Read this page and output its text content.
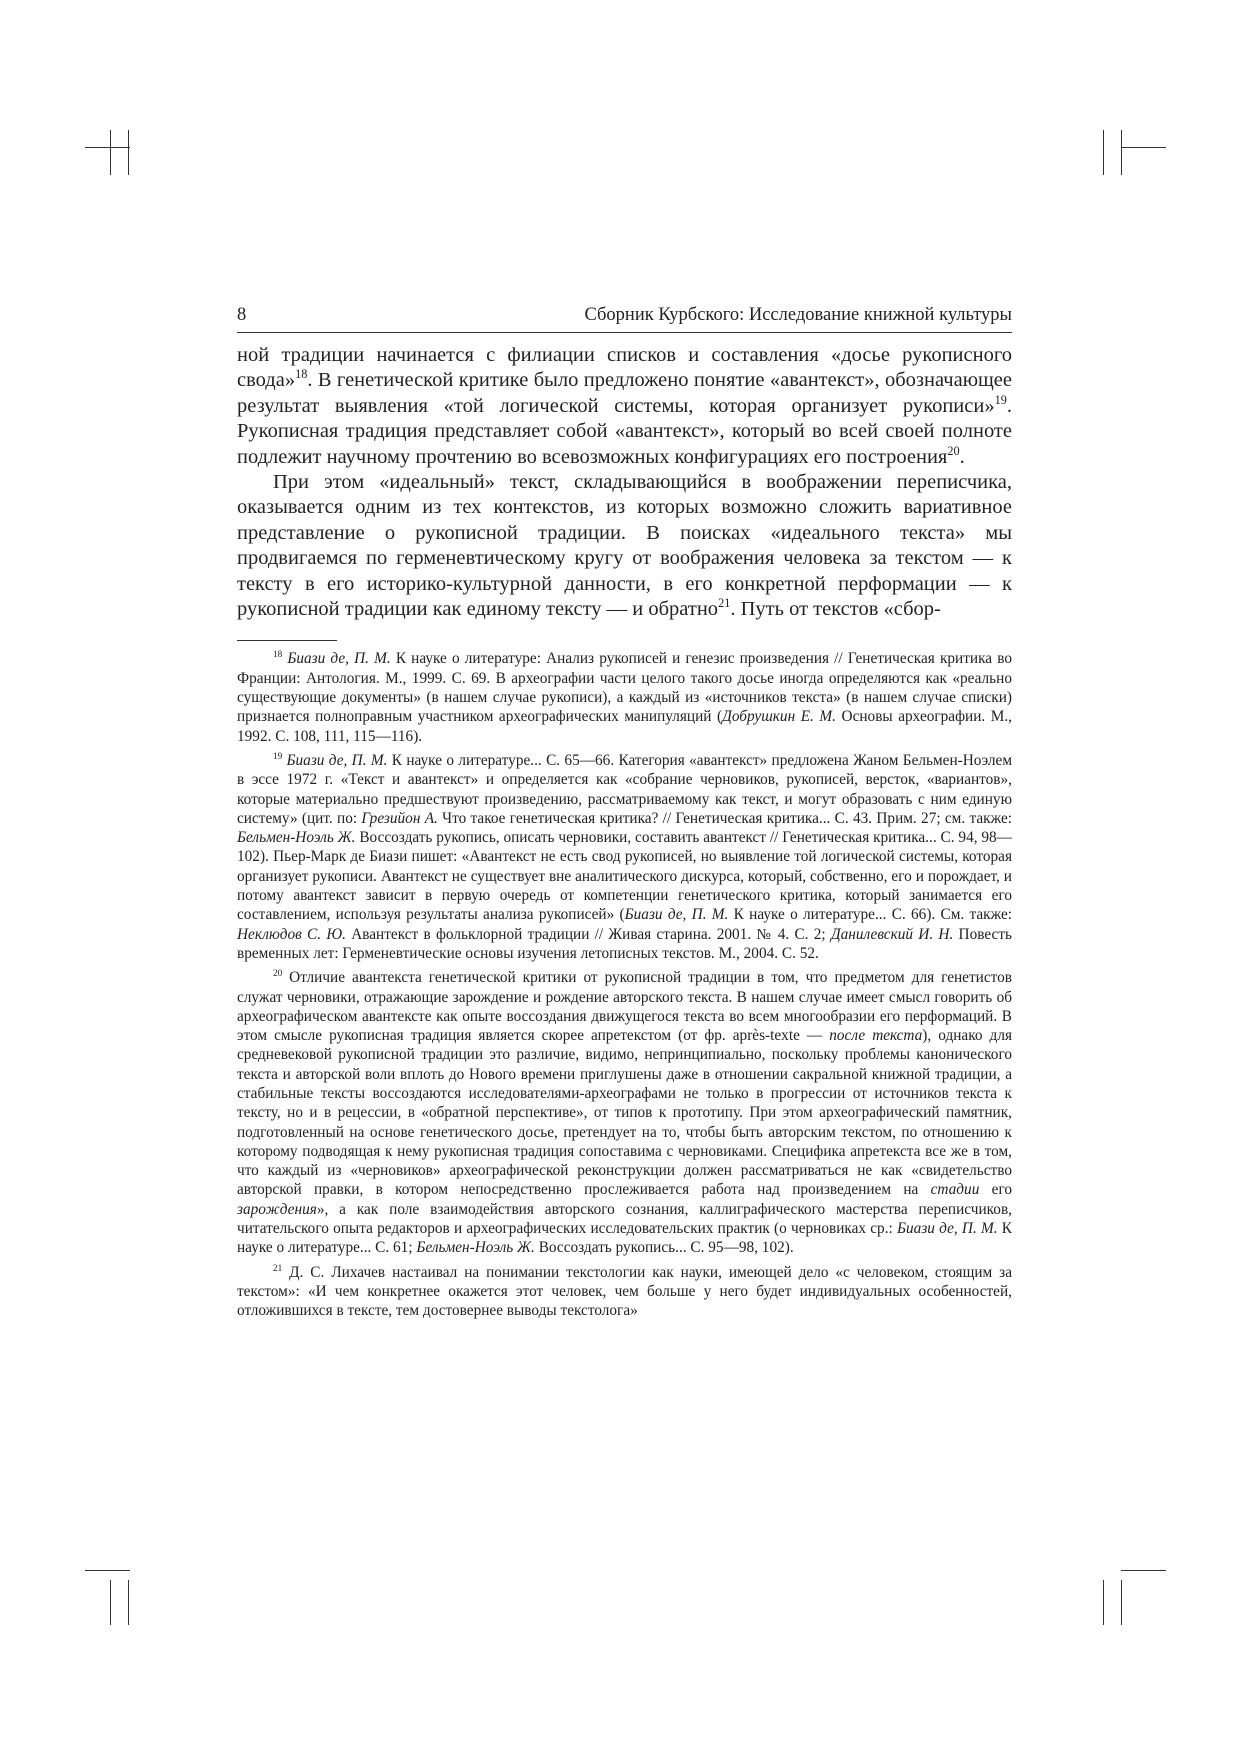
8	Сборник Курбского: Исследование книжной культуры

ной традиции начинается с филиации списков и составления «досье рукописного свода»$^{18}$. В генетической критике было предложено понятие «авантекст», обозначающее результат выявления «той логической системы, которая организует рукописи»$^{19}$. Рукописная традиция представляет собой «авантекст», который во всей своей полноте подлежит научному прочтению во всевозможных конфигурациях его построения$^{20}$.

При этом «идеальный» текст, складывающийся в воображении переписчика, оказывается одним из тех контекстов, из которых возможно сложить вариативное представление о рукописной традиции. В поисках «идеального текста» мы продвигаемся по герменевтическому кругу от воображения человека за текстом — к тексту в его историко-культурной данности, в его конкретной перформации — к рукописной традиции как единому тексту — и обратно$^{21}$. Путь от текстов «сбор-

$^{18}$ Биази де, П. М. К науке о литературе: Анализ рукописей и генезис произведения // Генетическая критика во Франции: Антология. М., 1999. С. 69. В археографии части целого такого досье иногда определяются как «реально существующие документы» (в нашем случае рукописи), а каждый из «источников текста» (в нашем случае списки) признается полноправным участником археографических манипуляций (Добрушкин Е. М. Основы археографии. М., 1992. С. 108, 111, 115—116).

$^{19}$ Биази де, П. М. К науке о литературе... С. 65—66. Категория «авантекст» предложена Жаном Бельмен-Ноэлем в эссе 1972 г. «Текст и авантекст» и определяется как «собрание черновиков, рукописей, версток, «вариантов», которые материально предшествуют произведению, рассматриваемому как текст, и могут образовать с ним единую систему» (цит. по: Грезийон А. Что такое генетическая критика? // Генетическая критика... С. 43. Прим. 27; см. также: Бельмен-Ноэль Ж. Воссоздать рукопись, описать черновики, составить авантекст // Генетическая критика... С. 94, 98—102). Пьер-Марк де Биази пишет: «Авантекст не есть свод рукописей, но выявление той логической системы, которая организует рукописи. Авантекст не существует вне аналитического дискурса, который, собственно, его и порождает, и потому авантекст зависит в первую очередь от компетенции генетического критика, который занимается его составлением, используя результаты анализа рукописей» (Биази де, П. М. К науке о литературе... С. 66). См. также: Неклюдов С. Ю. Авантекст в фольклорной традиции // Живая старина. 2001. № 4. С. 2; Данилевский И. Н. Повесть временных лет: Герменевтические основы изучения летописных текстов. М., 2004. С. 52.

$^{20}$ Отличие авантекста генетической критики от рукописной традиции в том, что предметом для генетистов служат черновики, отражающие зарождение и рождение авторского текста. В нашем случае имеет смысл говорить об археографическом авантексте как опыте воссоздания движущегося текста во всем многообразии его перформаций. В этом смысле рукописная традиция является скорее апретекстом (от фр. après-texte — после текста), однако для средневековой рукописной традиции это различие, видимо, непринципиально, поскольку проблемы канонического текста и авторской воли вплоть до Нового времени приглушены даже в отношении сакральной книжной традиции, а стабильные тексты воссоздаются исследователями-археографами не только в прогрессии от источников текста к тексту, но и в рецессии, в «обратной перспективе», от типов к прототипу. При этом археографический памятник, подготовленный на основе генетического досье, претендует на то, чтобы быть авторским текстом, по отношению к которому подводящая к нему рукописная традиция сопоставима с черновиками. Специфика апретекста все же в том, что каждый из «черновиков» археографической реконструкции должен рассматриваться не как «свидетельство авторской правки, в котором непосредственно прослеживается работа над произведением на стадии его зарождения», а как поле взаимодействия авторского сознания, каллиграфического мастерства переписчиков, читательского опыта редакторов и археографических исследовательских практик (о черновиках ср.: Биази де, П. М. К науке о литературе... С. 61; Бельмен-Ноэль Ж. Воссоздать рукопись... С. 95—98, 102).

$^{21}$ Д. С. Лихачев настаивал на понимании текстологии как науки, имеющей дело «с человеком, стоящим за текстом»: «И чем конкретнее окажется этот человек, чем больше у него будет индивидуальных особенностей, отложившихся в тексте, тем достовернее выводы текстолога»
